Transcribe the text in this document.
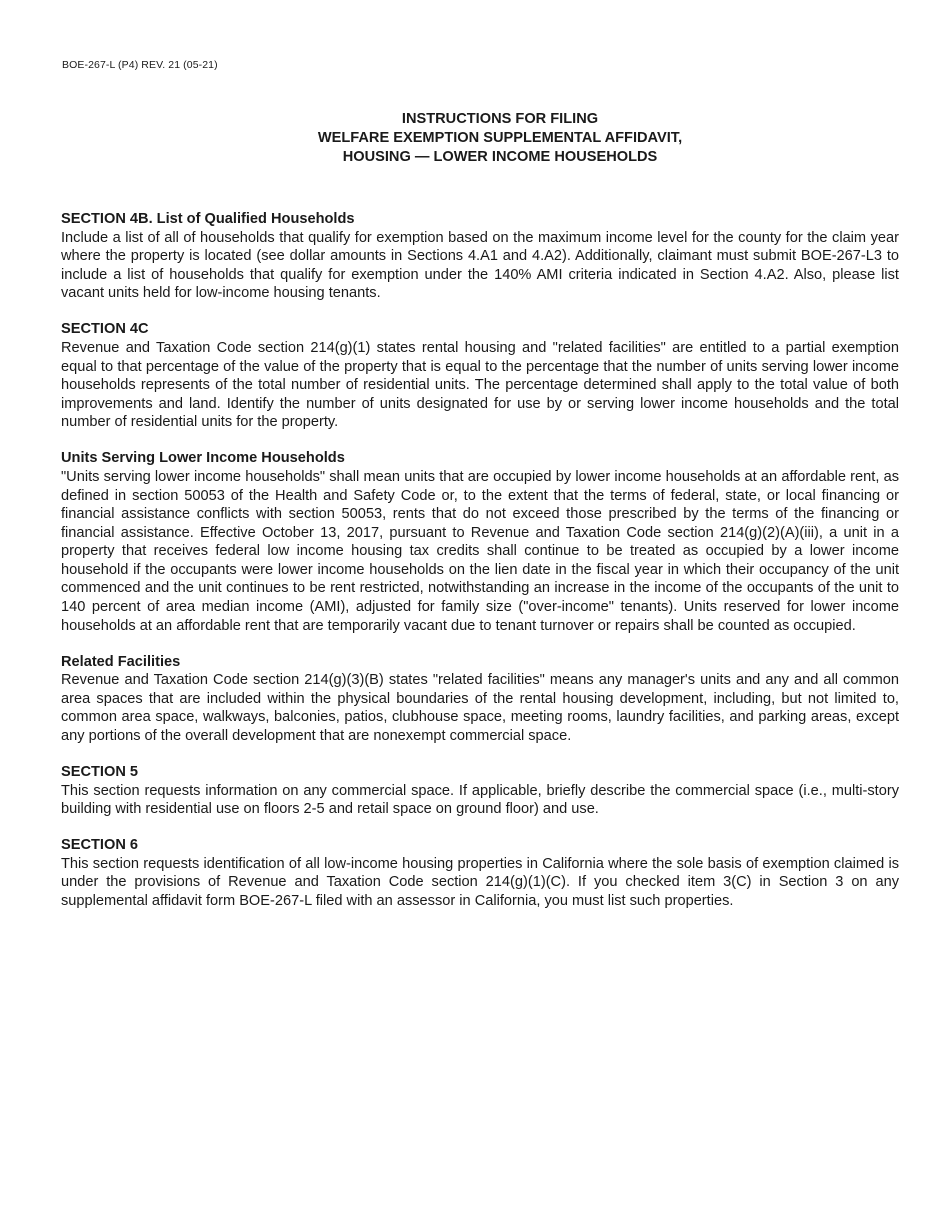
BOE-267-L (P4) REV. 21 (05-21)
INSTRUCTIONS FOR FILING
WELFARE EXEMPTION SUPPLEMENTAL AFFIDAVIT,
HOUSING — LOWER INCOME HOUSEHOLDS

SECTION 4B. List of Qualified Households

Include a list of all of households that qualify for exemption based on the maximum income level for the county for the claim year where the property is located (see dollar amounts in Sections 4.A1 and 4.A2). Additionally, claimant must submit BOE-267-L3 to include a list of households that qualify for exemption under the 140% AMI criteria indicated in Section 4.A2. Also, please list vacant units held for low-income housing tenants.

SECTION 4C

Revenue and Taxation Code section 214(g)(1) states rental housing and "related facilities" are entitled to a partial exemption equal to that percentage of the value of the property that is equal to the percentage that the number of units serving lower income households represents of the total number of residential units. The percentage determined shall apply to the total value of both improvements and land. Identify the number of units designated for use by or serving lower income households and the total number of residential units for the property.

Units Serving Lower Income Households

"Units serving lower income households" shall mean units that are occupied by lower income households at an affordable rent, as defined in section 50053 of the Health and Safety Code or, to the extent that the terms of federal, state, or local financing or financial assistance conflicts with section 50053, rents that do not exceed those prescribed by the terms of the financing or financial assistance. Effective October 13, 2017, pursuant to Revenue and Taxation Code section 214(g)(2)(A)(iii), a unit in a property that receives federal low income housing tax credits shall continue to be treated as occupied by a lower income household if the occupants were lower income households on the lien date in the fiscal year in which their occupancy of the unit commenced and the unit continues to be rent restricted, notwithstanding an increase in the income of the occupants of the unit to 140 percent of area median income (AMI), adjusted for family size ("over-income" tenants). Units reserved for lower income households at an affordable rent that are temporarily vacant due to tenant turnover or repairs shall be counted as occupied.

Related Facilities

Revenue and Taxation Code section 214(g)(3)(B) states "related facilities" means any manager's units and any and all common area spaces that are included within the physical boundaries of the rental housing development, including, but not limited to, common area space, walkways, balconies, patios, clubhouse space, meeting rooms, laundry facilities, and parking areas, except any portions of the overall development that are nonexempt commercial space.

SECTION 5

This section requests information on any commercial space. If applicable, briefly describe the commercial space (i.e., multi-story building with residential use on floors 2-5 and retail space on ground floor) and use.

SECTION 6

This section requests identification of all low-income housing properties in California where the sole basis of exemption claimed is under the provisions of Revenue and Taxation Code section 214(g)(1)(C). If you checked item 3(C) in Section 3 on any supplemental affidavit form BOE-267-L filed with an assessor in California, you must list such properties.
